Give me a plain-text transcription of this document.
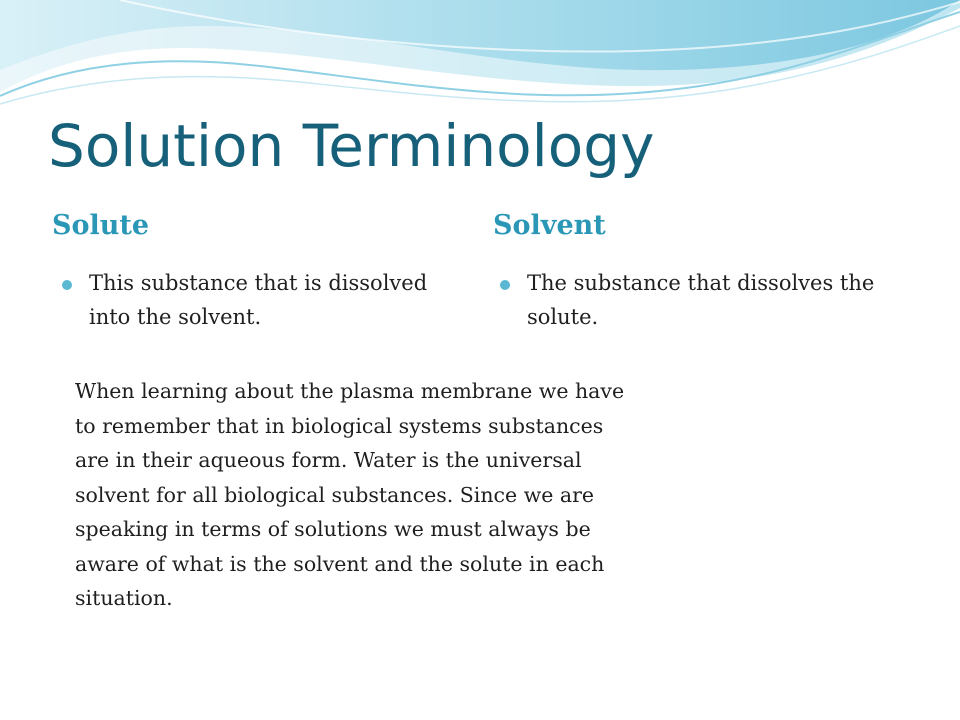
Solution Terminology
Solute	Solvent

This substance that is dissolved into the solvent.

The substance that dissolves the solute.

When learning about the plasma membrane we have to remember that in biological systems substances are in their aqueous form. Water is the universal solvent for all biological substances. Since we are speaking in terms of solutions we must always be aware of what is the solvent and the solute in each situation.
